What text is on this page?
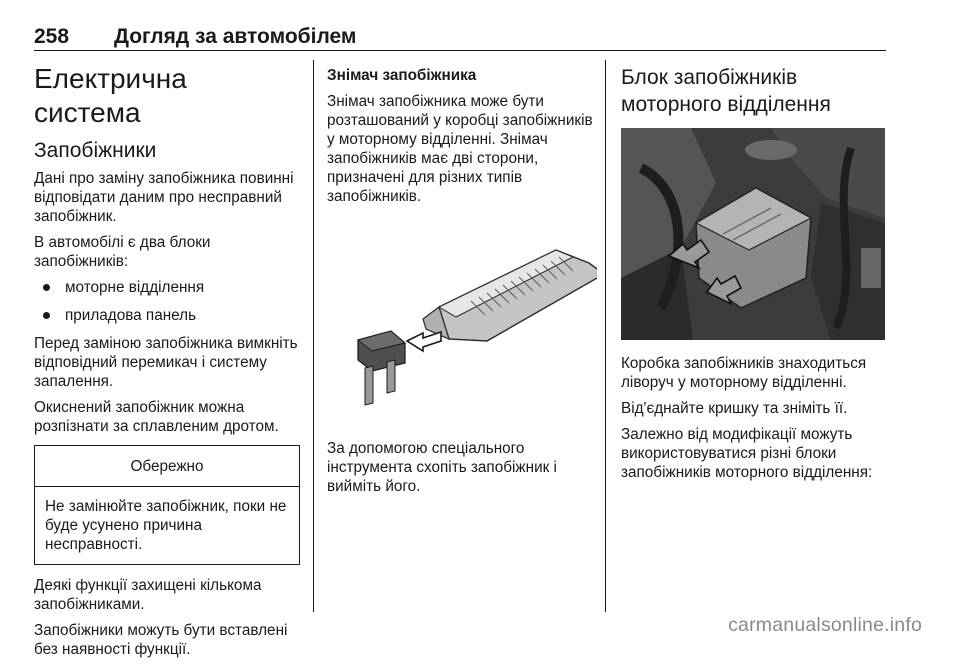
258 Догляд за автомобілем
Електрична система
Запобіжники

Дані про заміну запобіжника повинні відповідати даним про несправний запобіжник.

В автомобілі є два блоки запобіжників:

моторне відділення
приладова панель

Перед заміною запобіжника вимкніть відповідний перемикач і систему запалення.

Окиснений запобіжник можна розпізнати за сплавленим дротом.

Обережно
Не замінюйте запобіжник, поки не буде усунено причина несправності.

Деякі функції захищені кількома запобіжниками.

Запобіжники можуть бути вставлені без наявності функції.

Знімач запобіжника

Знімач запобіжника може бути розташований у коробці запобіжників у моторному відділенні. Знімач запобіжників має дві сторони, призначені для різних типів запобіжників.

За допомогою спеціального інструмента схопіть запобіжник і вийміть його.

Блок запобіжників
моторного відділення

Коробка запобіжників знаходиться ліворуч у моторному відділенні.

Від'єднайте кришку та зніміть її.

Залежно від модифікації можуть використовуватися різні блоки запобіжників моторного відділення:

carmanualsonline.info
